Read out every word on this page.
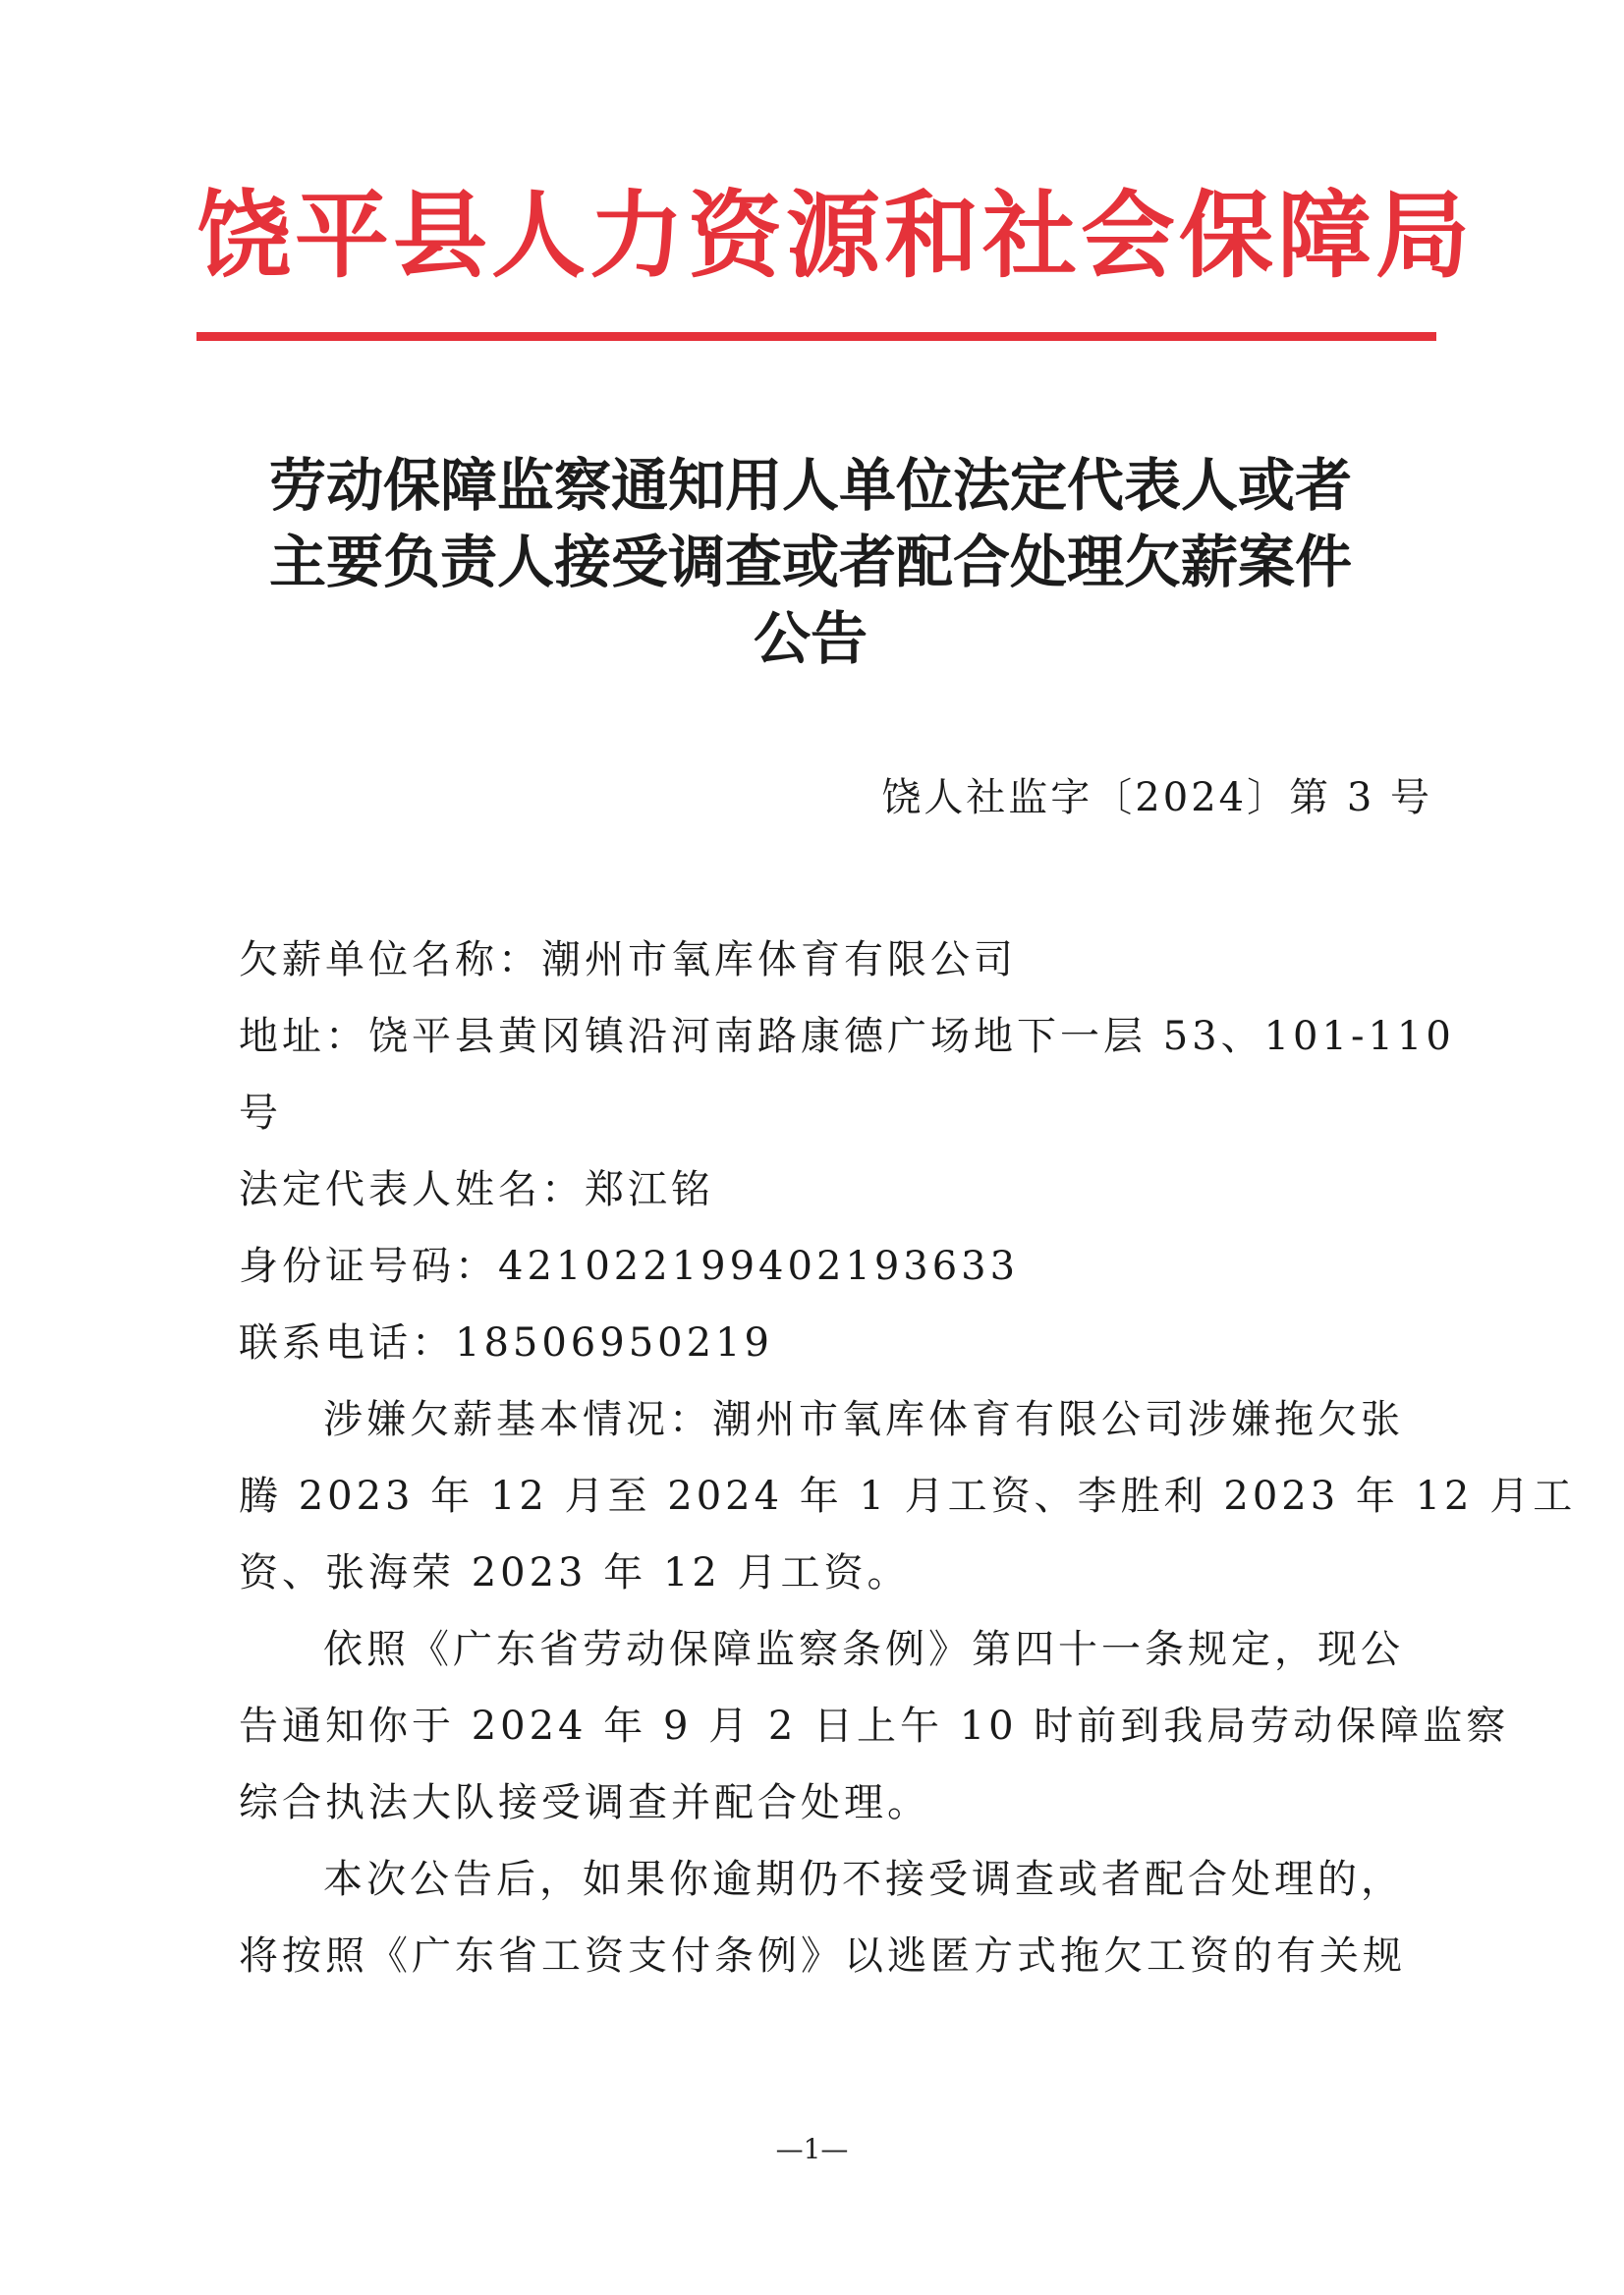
饶平县人力资源和社会保障局
劳动保障监察通知用人单位法定代表人或者
主要负责人接受调查或者配合处理欠薪案件
公告
饶人社监字〔2024〕第 3 号
欠薪单位名称：潮州市氧库体育有限公司
地址：饶平县黄冈镇沿河南路康德广场地下一层 53、101-110
号
法定代表人姓名：郑江铭
身份证号码：421022199402193633
联系电话：18506950219
涉嫌欠薪基本情况：潮州市氧库体育有限公司涉嫌拖欠张
腾 2023 年 12 月至 2024 年 1 月工资、李胜利 2023 年 12 月工
资、张海荣 2023 年 12 月工资。
依照《广东省劳动保障监察条例》第四十一条规定，现公
告通知你于 2024 年 9 月 2 日上午 10 时前到我局劳动保障监察
综合执法大队接受调查并配合处理。
本次公告后，如果你逾期仍不接受调查或者配合处理的，
将按照《广东省工资支付条例》以逃匿方式拖欠工资的有关规
—1—
